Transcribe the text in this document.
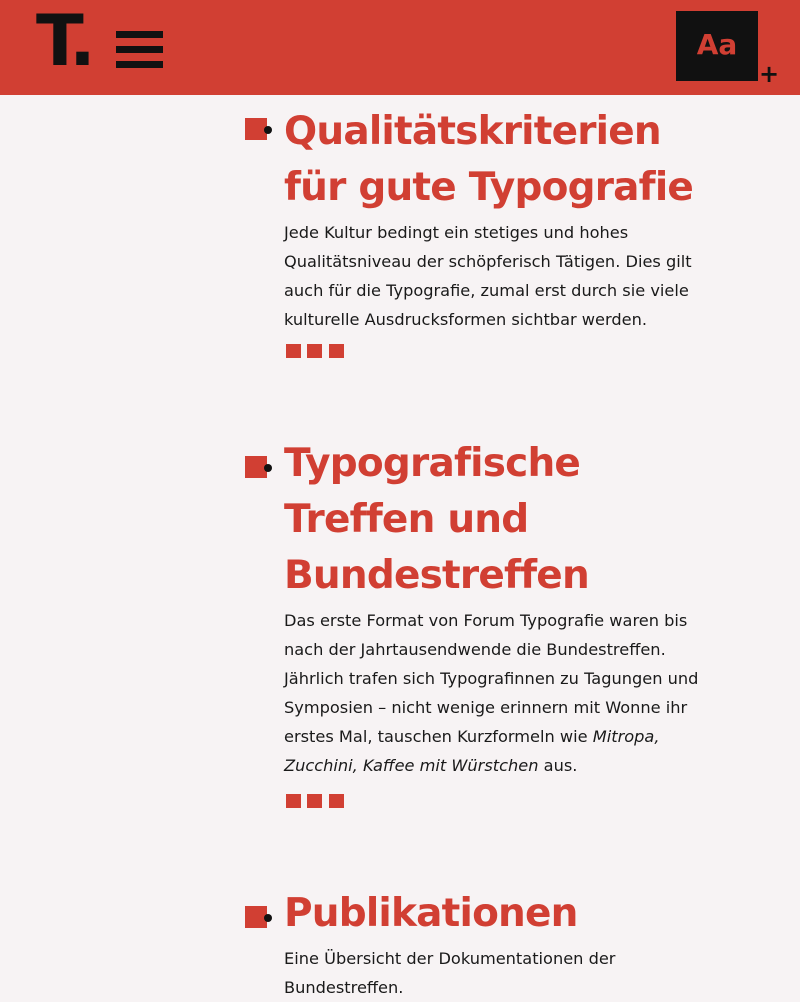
T.	Aa
+
Qualitätskriterien
für gute Typografie

Jede Kultur bedingt ein stetiges und hohes
Qualitätsniveau der schöpferisch Tätigen. Dies gilt
auch für die Typografie, zumal erst durch sie viele
kulturelle Ausdrucksformen sichtbar werden.

Typografische
Treffen und
Bundestreffen

Das erste Format von Forum Typografie waren bis
nach der Jahrtausendwende die Bundestreffen.
Jährlich trafen sich Typografinnen zu Tagungen und
Symposien – nicht wenige erinnern mit Wonne ihr
erstes Mal, tauschen Kurzformeln wie Mitropa,
Zucchini, Kaffee mit Würstchen aus.

Publikationen

Eine Übersicht der Dokumentationen der
Bundestreffen.
